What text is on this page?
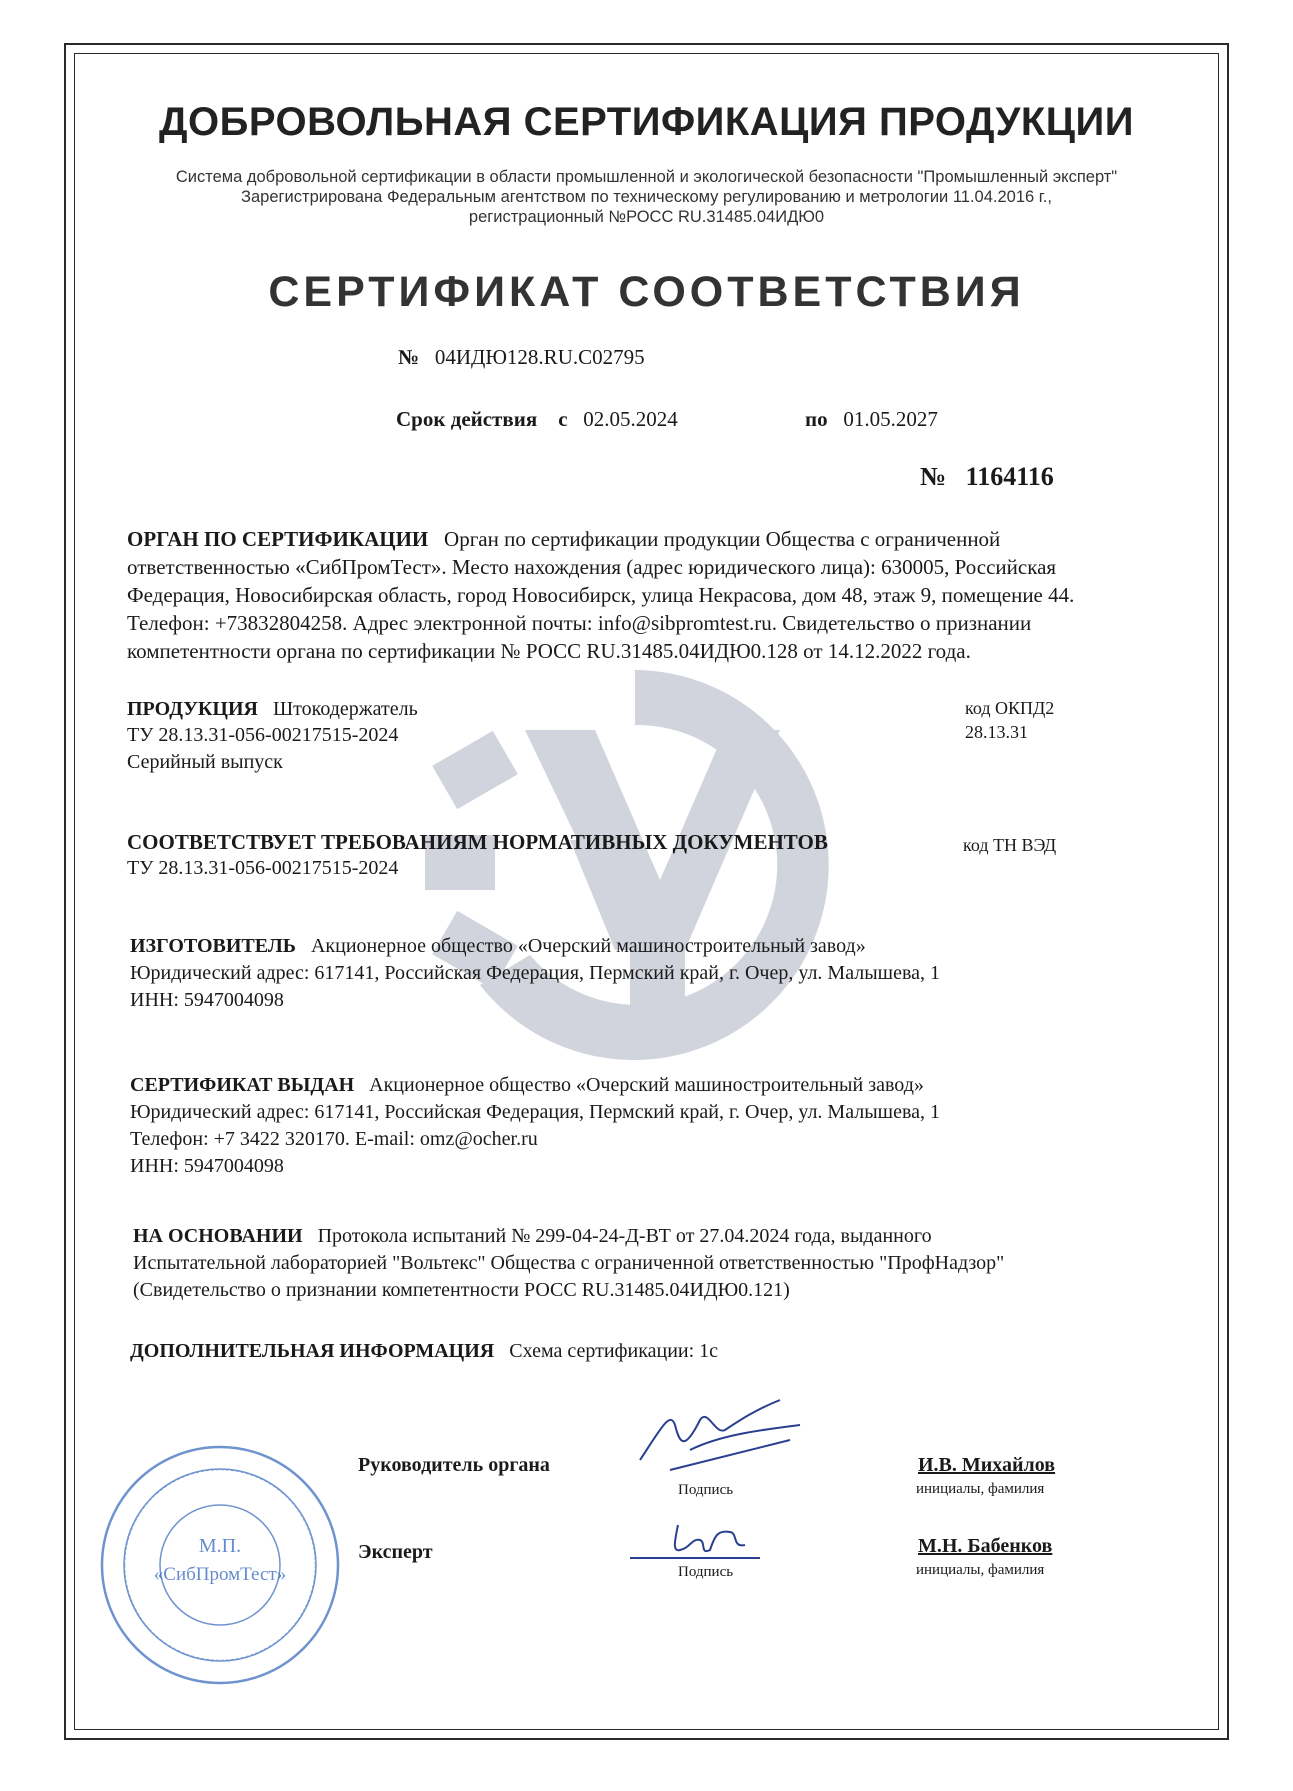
ДОБРОВОЛЬНАЯ СЕРТИФИКАЦИЯ ПРОДУКЦИИ
Система добровольной сертификации в области промышленной и экологической безопасности "Промышленный эксперт"
Зарегистрирована Федеральным агентством по техническому регулированию и метрологии 11.04.2016 г.,
регистрационный №РОСС RU.31485.04ИДЮ0
СЕРТИФИКАТ СООТВЕТСТВИЯ
№ 04ИДЮ128.RU.C02795
Срок действия с 02.05.2024	по 01.05.2027
№ 1164116
ОРГАН ПО СЕРТИФИКАЦИИ Орган по сертификации продукции Общества с ограниченной
ответственностью «СибПромТест». Место нахождения (адрес юридического лица): 630005, Российская
Федерация, Новосибирская область, город Новосибирск, улица Некрасова, дом 48, этаж 9, помещение 44.
Телефон: +73832804258. Адрес электронной почты: info@sibpromtest.ru. Свидетельство о признании
компетентности органа по сертификации № РОСС RU.31485.04ИДЮ0.128 от 14.12.2022 года.
ПРОДУКЦИЯ Штокодержатель
ТУ 28.13.31-056-00217515-2024
Серийный выпуск
код ОКПД2
28.13.31
СООТВЕТСТВУЕТ ТРЕБОВАНИЯМ НОРМАТИВНЫХ ДОКУМЕНТОВ
ТУ 28.13.31-056-00217515-2024
код ТН ВЭД
ИЗГОТОВИТЕЛЬ Акционерное общество «Очерский машиностроительный завод»
Юридический адрес: 617141, Российская Федерация, Пермский край, г. Очер, ул. Малышева, 1
ИНН: 5947004098
СЕРТИФИКАТ ВЫДАН Акционерное общество «Очерский машиностроительный завод»
Юридический адрес: 617141, Российская Федерация, Пермский край, г. Очер, ул. Малышева, 1
Телефон: +7 3422 320170. E-mail: omz@ocher.ru
ИНН: 5947004098
НА ОСНОВАНИИ Протокола испытаний № 299-04-24-Д-ВТ от 27.04.2024 года, выданного
Испытательной лабораторией "Вольтекс" Общества с ограниченной ответственностью "ПрофНадзор"
(Свидетельство о признании компетентности РОСС RU.31485.04ИДЮ0.121)
ДОПОЛНИТЕЛЬНАЯ ИНФОРМАЦИЯ Схема сертификации: 1с
М.П.
«СибПромТест»
Руководитель органа
Подпись
И.В. Михайлов
инициалы, фамилия
Эксперт
Подпись
М.Н. Бабенков
инициалы, фамилия
